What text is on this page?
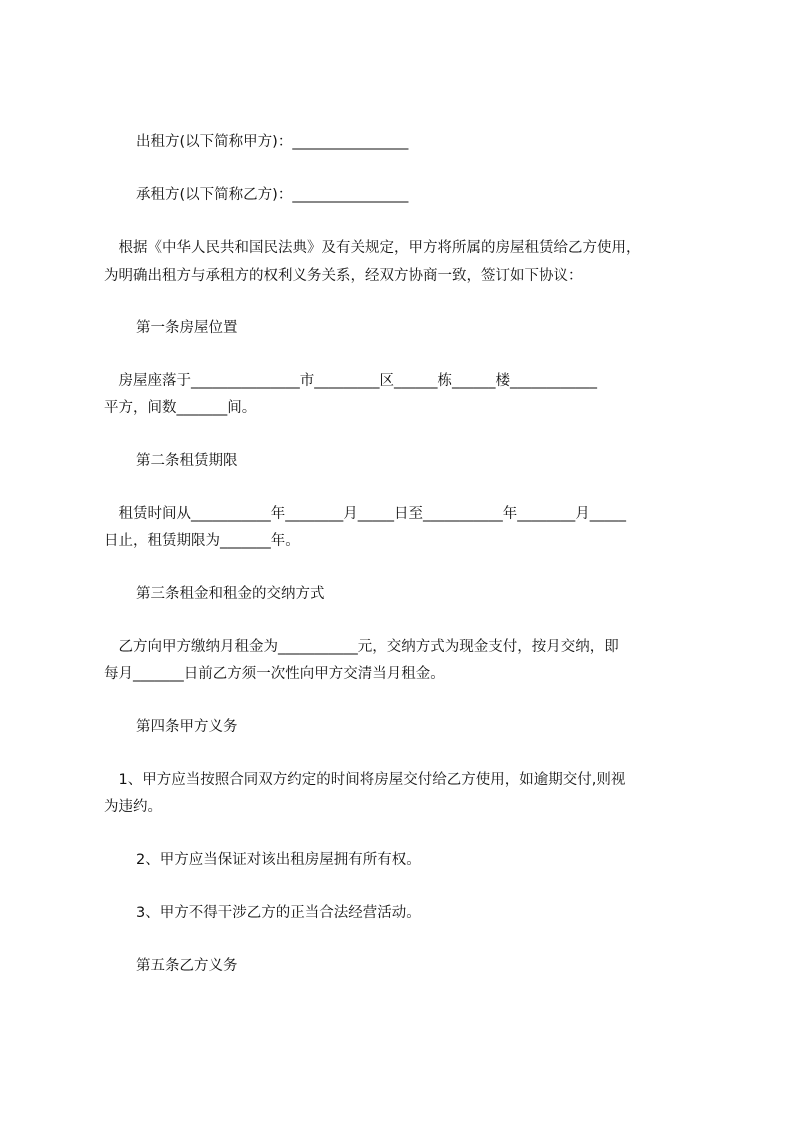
出租方(以下简称甲方)：________________
承租方(以下简称乙方)：________________
　根据《中华人民共和国民法典》及有关规定，甲方将所属的房屋租赁给乙方使用，
为明确出租方与承租方的权利义务关系，经双方协商一致，签订如下协议：
第一条房屋位置
　房屋座落于_______________市_________区______栋______楼____________
平方，间数_______间。
第二条租赁期限
　租赁时间从___________年________月_____日至___________年________月_____
日止，租赁期限为_______年。
第三条租金和租金的交纳方式
　乙方向甲方缴纳月租金为___________元，交纳方式为现金支付，按月交纳，即
每月_______日前乙方须一次性向甲方交清当月租金。
第四条甲方义务
　1、甲方应当按照合同双方约定的时间将房屋交付给乙方使用，如逾期交付,则视
为违约。
2、甲方应当保证对该出租房屋拥有所有权。
3、甲方不得干涉乙方的正当合法经营活动。
第五条乙方义务
